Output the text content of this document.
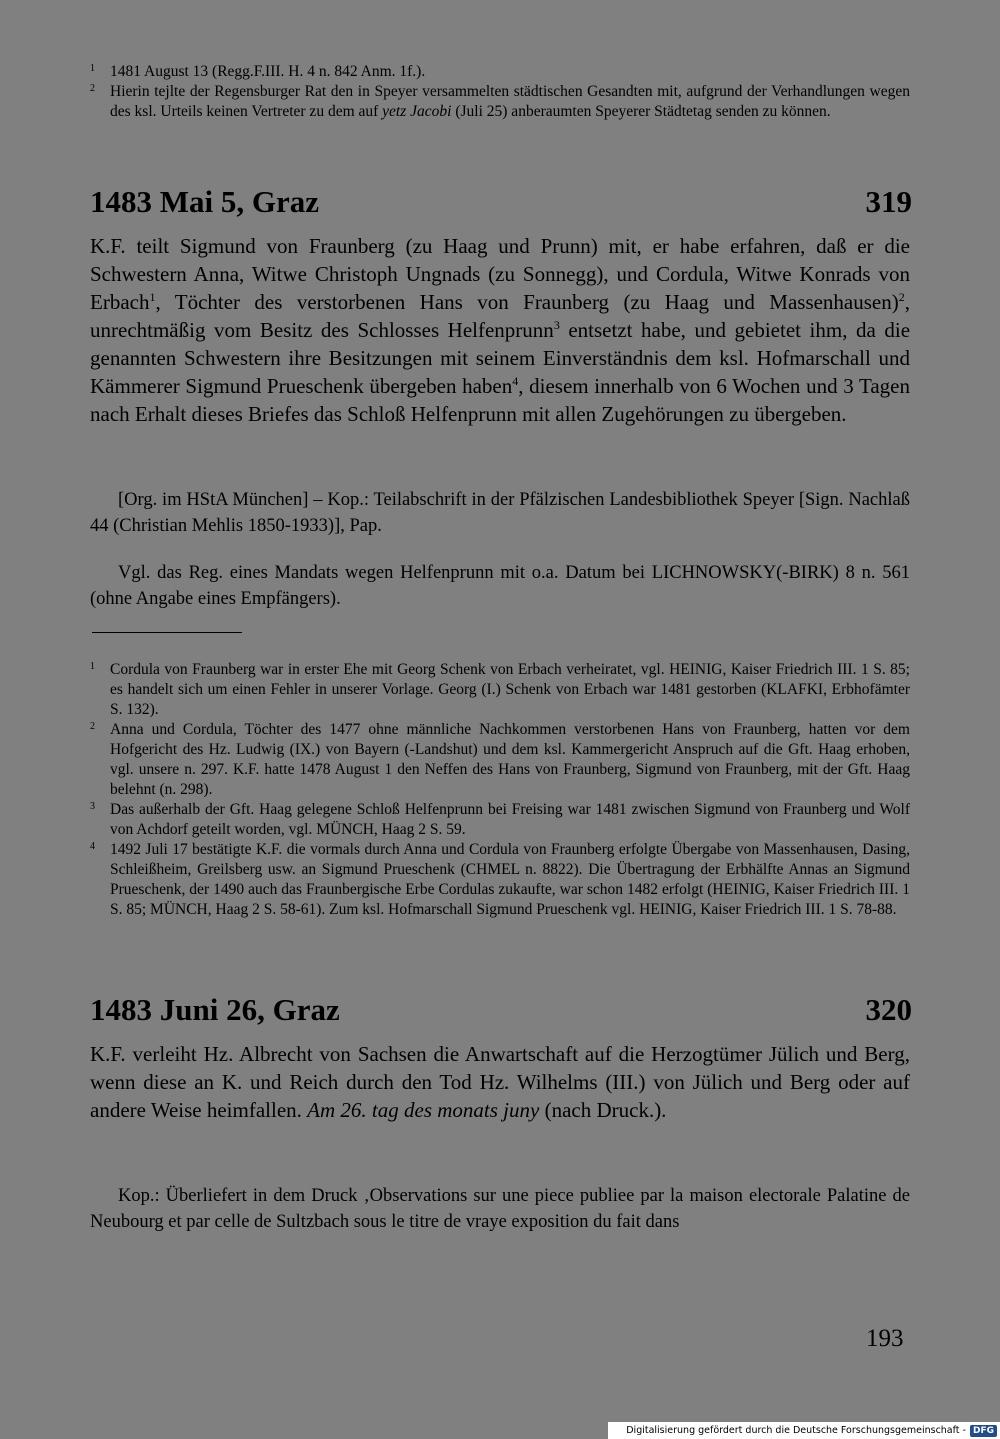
1 1481 August 13 (Regg.F.III. H. 4 n. 842 Anm. 1f.).
2 Hierin tejlte der Regensburger Rat den in Speyer versammelten städtischen Gesandten mit, aufgrund der Verhandlungen wegen des ksl. Urteils keinen Vertreter zu dem auf yetz Jacobi (Juli 25) anberaumten Speyerer Städtetag senden zu können.
1483 Mai 5, Graz	319
K.F. teilt Sigmund von Fraunberg (zu Haag und Prunn) mit, er habe erfahren, daß er die Schwestern Anna, Witwe Christoph Ungnads (zu Sonnegg), und Cordula, Witwe Konrads von Erbach$^1$, Töchter des verstorbenen Hans von Fraunberg (zu Haag und Massenhausen)$^2$, unrechtmäßig vom Besitz des Schlosses Helfenprunn$^3$ entsetzt habe, und gebietet ihm, da die genannten Schwestern ihre Besitzungen mit seinem Einverständnis dem ksl. Hofmarschall und Kämmerer Sigmund Prueschenk übergeben haben$^4$, diesem innerhalb von 6 Wochen und 3 Tagen nach Erhalt dieses Briefes das Schloß Helfenprunn mit allen Zugehörungen zu übergeben.
[Org. im HStA München] – Kop.: Teilabschrift in der Pfälzischen Landesbibliothek Speyer [Sign. Nachlaß 44 (Christian Mehlis 1850-1933)], Pap.
Vgl. das Reg. eines Mandats wegen Helfenprunn mit o.a. Datum bei LICHNOWSKY(-BIRK) 8 n. 561 (ohne Angabe eines Empfängers).
1 Cordula von Fraunberg war in erster Ehe mit Georg Schenk von Erbach verheiratet, vgl. HEINIG, Kaiser Friedrich III. 1 S. 85; es handelt sich um einen Fehler in unserer Vorlage. Georg (I.) Schenk von Erbach war 1481 gestorben (KLAFKI, Erbhofämter S. 132).
2 Anna und Cordula, Töchter des 1477 ohne männliche Nachkommen verstorbenen Hans von Fraunberg, hatten vor dem Hofgericht des Hz. Ludwig (IX.) von Bayern (-Landshut) und dem ksl. Kammergericht Anspruch auf die Gft. Haag erhoben, vgl. unsere n. 297. K.F. hatte 1478 August 1 den Neffen des Hans von Fraunberg, Sigmund von Fraunberg, mit der Gft. Haag belehnt (n. 298).
3 Das außerhalb der Gft. Haag gelegene Schloß Helfenprunn bei Freising war 1481 zwischen Sigmund von Fraunberg und Wolf von Achdorf geteilt worden, vgl. MÜNCH, Haag 2 S. 59.
4 1492 Juli 17 bestätigte K.F. die vormals durch Anna und Cordula von Fraunberg erfolgte Übergabe von Massenhausen, Dasing, Schleißheim, Greilsberg usw. an Sigmund Prueschenk (CHMEL n. 8822). Die Übertragung der Erbhälfte Annas an Sigmund Prueschenk, der 1490 auch das Fraunbergische Erbe Cordulas zukaufte, war schon 1482 erfolgt (HEINIG, Kaiser Friedrich III. 1 S. 85; MÜNCH, Haag 2 S. 58-61). Zum ksl. Hofmarschall Sigmund Prueschenk vgl. HEINIG, Kaiser Friedrich III. 1 S. 78-88.
1483 Juni 26, Graz	320
K.F. verleiht Hz. Albrecht von Sachsen die Anwartschaft auf die Herzogtümer Jülich und Berg, wenn diese an K. und Reich durch den Tod Hz. Wilhelms (III.) von Jülich und Berg oder auf andere Weise heimfallen. Am 26. tag des monats juny (nach Druck.).
Kop.: Überliefert in dem Druck ‚Observations sur une piece publiee par la maison electorale Palatine de Neubourg et par celle de Sultzbach sous le titre de vraye exposition du fait dans
193
Digitalisierung gefördert durch die Deutsche Forschungsgemeinschaft - DFG
